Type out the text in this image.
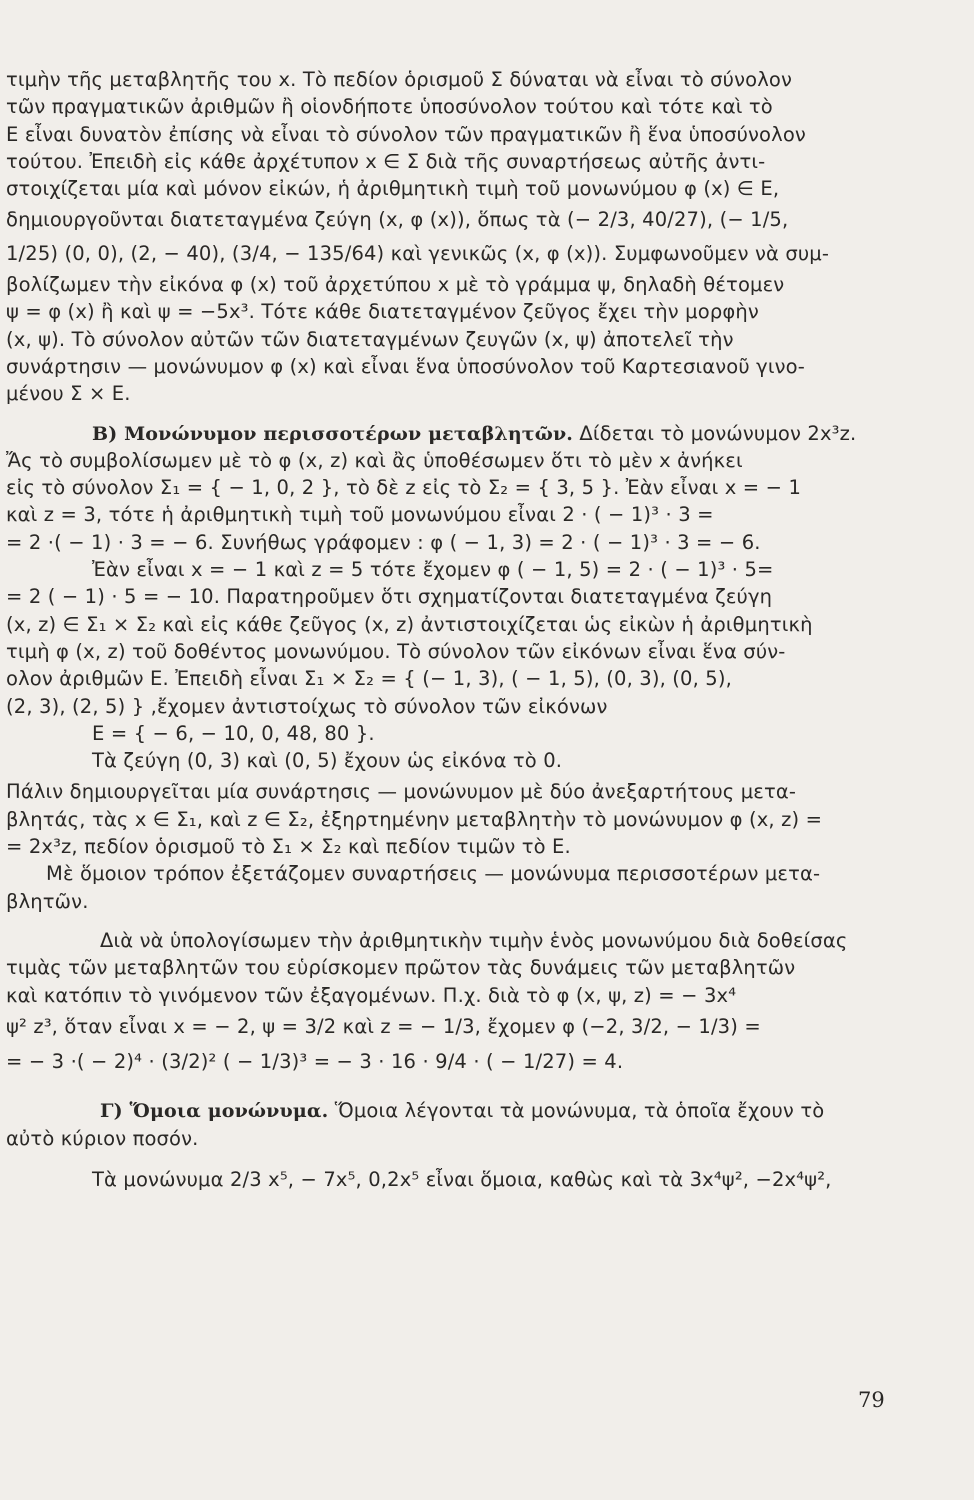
τιμὴν τῆς μεταβλητῆς του x. Τὸ πεδίον ὁρισμοῦ Σ δύναται νὰ εἶναι τὸ σύνολον
τῶν πραγματικῶν ἀριθμῶν ἢ οἱονδήποτε ὑποσύνολον τούτου καὶ τότε καὶ τὸ
Ε εἶναι δυνατὸν ἐπίσης νὰ εἶναι τὸ σύνολον τῶν πραγματικῶν ἢ ἕνα ὑποσύνολον
τούτου. Ἐπειδὴ εἰς κάθε ἀρχέτυπον x ∈ Σ διὰ τῆς συναρτήσεως αὐτῆς ἀντι-
στοιχίζεται μία καὶ μόνον εἰκών, ἡ ἀριθμητικὴ τιμὴ τοῦ μονωνύμου φ (x) ∈ Ε,
δημιουργοῦνται διατεταγμένα ζεύγη (x, φ (x)), ὅπως τὰ (− 2/3, 40/27), (− 1/5,
1/25) (0, 0), (2, − 40), (3/4, − 135/64) καὶ γενικῶς (x, φ (x)). Συμφωνοῦμεν νὰ συμ-
βολίζωμεν τὴν εἰκόνα φ (x) τοῦ ἀρχετύπου x μὲ τὸ γράμμα ψ, δηλαδὴ θέτομεν
ψ = φ (x) ἢ καὶ ψ = −5x³. Τότε κάθε διατεταγμένον ζεῦγος ἔχει τὴν μορφὴν
(x, ψ). Τὸ σύνολον αὐτῶν τῶν διατεταγμένων ζευγῶν (x, ψ) ἀποτελεῖ τὴν
συνάρτησιν — μονώνυμον φ (x) καὶ εἶναι ἕνα ὑποσύνολον τοῦ Καρτεσιανοῦ γινο-
μένου Σ × Ε.
Β) Μονώνυμον περισσοτέρων μεταβλητῶν. Δίδεται τὸ μονώνυμον 2x³z.
Ἄς τὸ συμβολίσωμεν μὲ τὸ φ (x, z) καὶ ἂς ὑποθέσωμεν ὅτι τὸ μὲν x ἀνήκει
εἰς τὸ σύνολον Σ₁ = { − 1, 0, 2 }, τὸ δὲ z εἰς τὸ Σ₂ = { 3, 5 }. Ἐὰν εἶναι x = − 1
καὶ z = 3, τότε ἡ ἀριθμητικὴ τιμὴ τοῦ μονωνύμου εἶναι 2 · ( − 1)³ · 3 =
= 2 ·( − 1) · 3 = − 6. Συνήθως γράφομεν : φ ( − 1, 3) = 2 · ( − 1)³ · 3 = − 6.
Ἐὰν εἶναι x = − 1 καὶ z = 5 τότε ἔχομεν φ ( − 1, 5) = 2 · ( − 1)³ · 5=
= 2 ( − 1) · 5 = − 10. Παρατηροῦμεν ὅτι σχηματίζονται διατεταγμένα ζεύγη
(x, z) ∈ Σ₁ × Σ₂ καὶ εἰς κάθε ζεῦγος (x, z) ἀντιστοιχίζεται ὡς εἰκὼν ἡ ἀριθμητικὴ
τιμὴ φ (x, z) τοῦ δοθέντος μονωνύμου. Τὸ σύνολον τῶν εἰκόνων εἶναι ἕνα σύν-
ολον ἀριθμῶν Ε. Ἐπειδὴ εἶναι Σ₁ × Σ₂ = { (− 1, 3), ( − 1, 5), (0, 3), (0, 5),
(2, 3), (2, 5) } ,ἔχομεν ἀντιστοίχως τὸ σύνολον τῶν εἰκόνων
Ε = { − 6, − 10, 0, 48, 80 }.
Τὰ ζεύγη (0, 3) καὶ (0, 5) ἔχουν ὡς εἰκόνα τὸ 0.
Πάλιν δημιουργεῖται μία συνάρτησις — μονώνυμον μὲ δύο ἀνεξαρτήτους μετα-
βλητάς, τὰς x ∈ Σ₁, καὶ z ∈ Σ₂, ἐξηρτημένην μεταβλητὴν τὸ μονώνυμον φ (x, z) =
= 2x³z, πεδίον ὁρισμοῦ τὸ Σ₁ × Σ₂ καὶ πεδίον τιμῶν τὸ Ε.
Μὲ ὅμοιον τρόπον ἐξετάζομεν συναρτήσεις — μονώνυμα περισσοτέρων μετα-
βλητῶν.
Διὰ νὰ ὑπολογίσωμεν τὴν ἀριθμητικὴν τιμὴν ἑνὸς μονωνύμου διὰ δοθείσας
τιμὰς τῶν μεταβλητῶν του εὑρίσκομεν πρῶτον τὰς δυνάμεις τῶν μεταβλητῶν
καὶ κατόπιν τὸ γινόμενον τῶν ἐξαγομένων. Π.χ. διὰ τὸ φ (x, ψ, z) = − 3x⁴
ψ² z³, ὅταν εἶναι x = − 2, ψ = 3/2 καὶ z = − 1/3, ἔχομεν φ (−2, 3/2, − 1/3) =
= − 3 ·( − 2)⁴ · (3/2)² ( − 1/3)³ = − 3 · 16 · 9/4 · ( − 1/27) = 4.
Γ) Ὅμοια μονώνυμα. Ὅμοια λέγονται τὰ μονώνυμα, τὰ ὁποῖα ἔχουν τὸ
αὐτὸ κύριον ποσόν.
Τὰ μονώνυμα 2/3 x⁵, − 7x⁵, 0,2x⁵ εἶναι ὅμοια, καθὼς καὶ τὰ 3x⁴ψ², −2x⁴ψ²,
79
